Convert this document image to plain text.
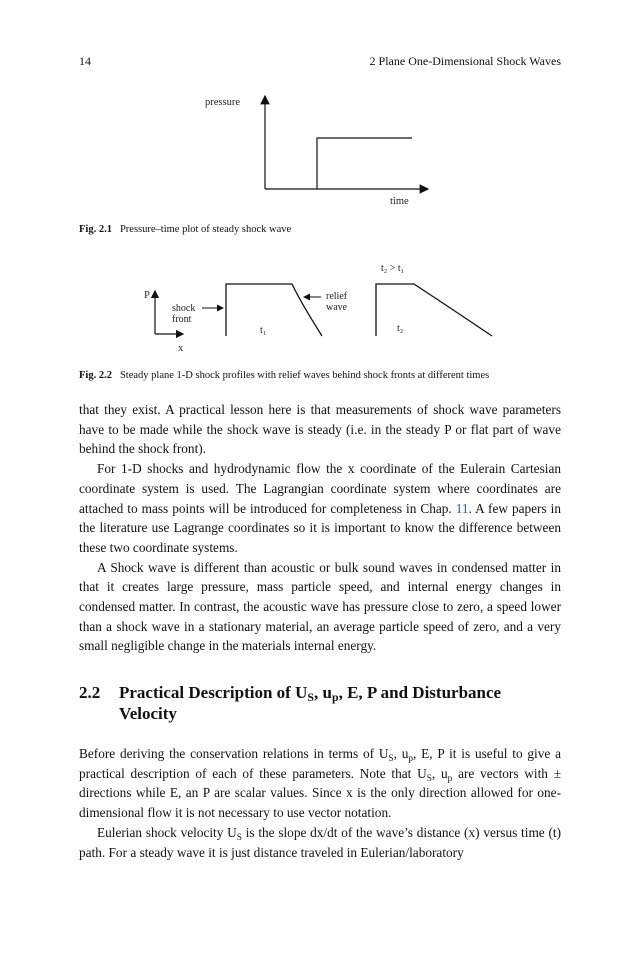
14	2 Plane One-Dimensional Shock Waves
pressure
time
Fig. 2.1 Pressure–time plot of steady shock wave
t₂ > t₁
P
x
shock
front
t₁
relief
wave
t₂
Fig. 2.2 Steady plane 1-D shock profiles with relief waves behind shock fronts at different times

that they exist. A practical lesson here is that measurements of shock wave parameters have to be made while the shock wave is steady (i.e. in the steady P or flat part of wave behind the shock front).

For 1-D shocks and hydrodynamic flow the x coordinate of the Eulerain Cartesian coordinate system is used. The Lagrangian coordinate system where coordinates are attached to mass points will be introduced for completeness in Chap. 11. A few papers in the literature use Lagrange coordinates so it is important to know the difference between these two coordinate systems.

A Shock wave is different than acoustic or bulk sound waves in condensed matter in that it creates large pressure, mass particle speed, and internal energy changes in condensed matter. In contrast, the acoustic wave has pressure close to zero, a speed lower than a shock wave in a stationary material, an average particle speed of zero, and a very small negligible change in the materials internal energy.

2.2 Practical Description of $U_S$, $u_p$, E, P and Disturbance Velocity

Before deriving the conservation relations in terms of $U_S$, $u_p$, E, P it is useful to give a practical description of each of these parameters. Note that $U_S$, $u_p$ are vectors with ± directions while E, an P are scalar values. Since x is the only direction allowed for one-dimensional flow it is not necessary to use vector notation.

Eulerian shock velocity $U_S$ is the slope dx/dt of the wave’s distance (x) versus time (t) path. For a steady wave it is just distance traveled in Eulerian/laboratory
